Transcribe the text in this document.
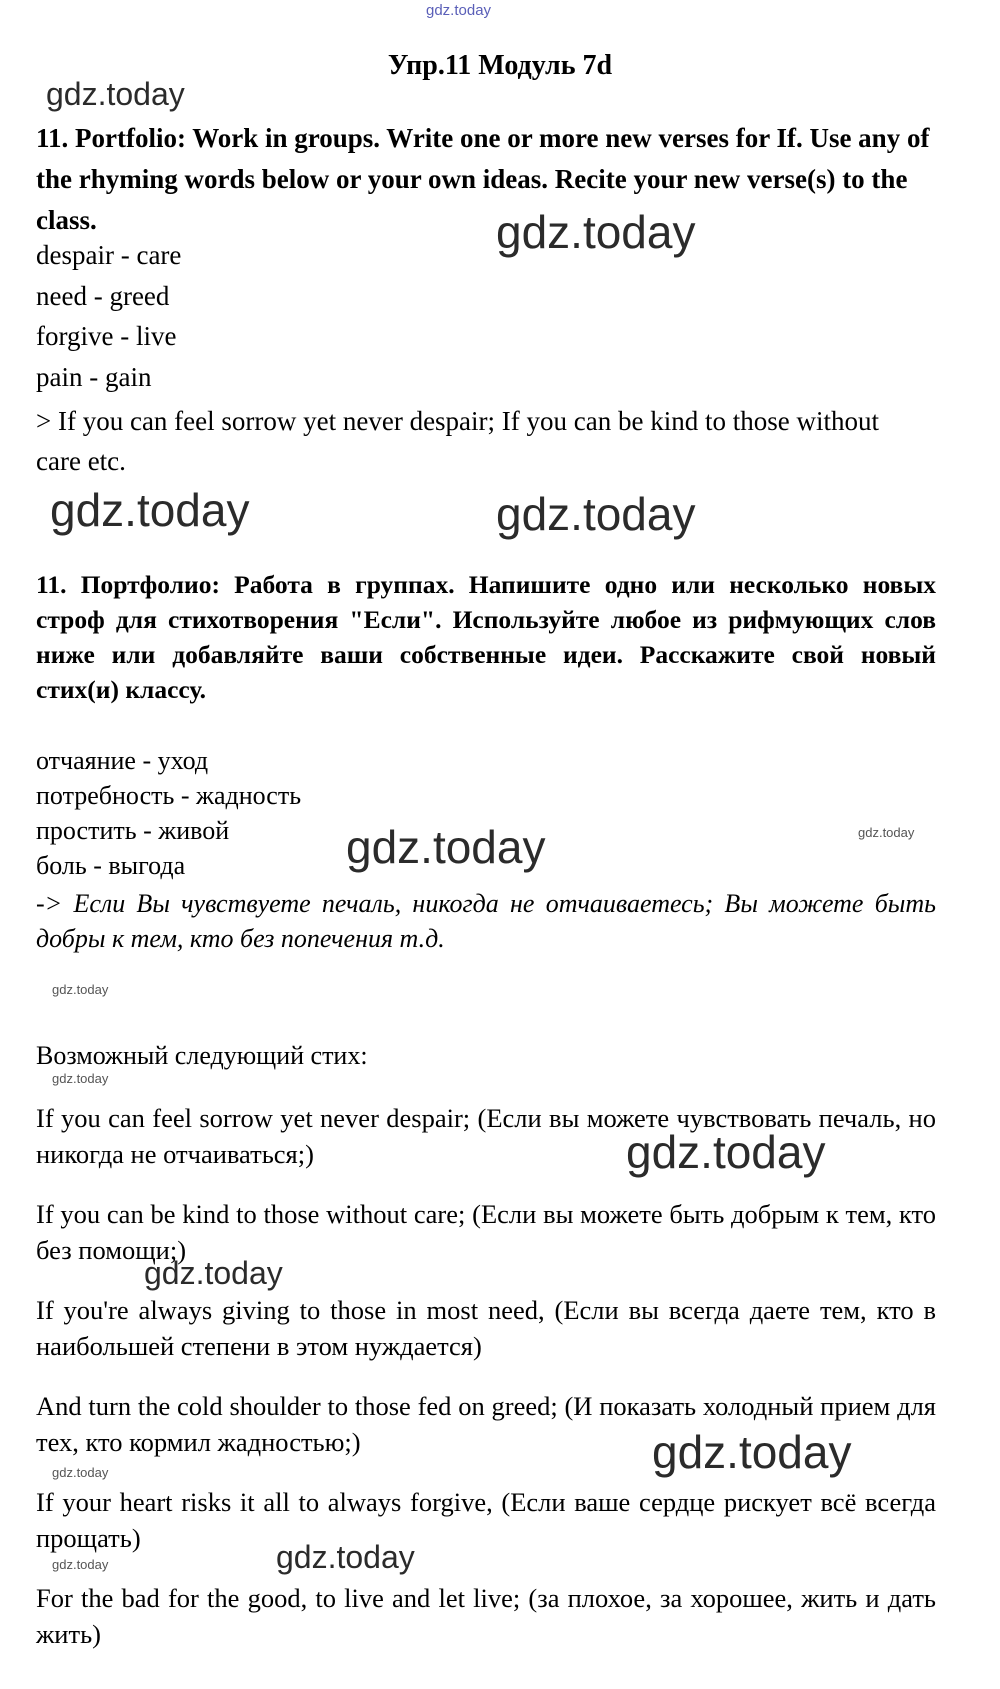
gdz.today
gdz.today
gdz.today
gdz.today	gdz.today
gdz.today
gdz.today
gdz.today
gdz.today
gdz.today
gdz.today
gdz.today
gdz.today
gdz.today
gdz.today
Упр.11 Модуль 7d

11. Portfolio: Work in groups. Write one or more new verses for If. Use any of the rhyming words below or your own ideas. Recite your new verse(s) to the class.

despair - care
need - greed
forgive - live
pain - gain

> If you can feel sorrow yet never despair; If you can be kind to those without care etc.

11. Портфолио: Работа в группах. Напишите одно или несколько новых строф для стихотворения "Если". Используйте любое из рифмующих слов ниже или добавляйте ваши собственные идеи. Расскажите свой новый стих(и) классу.

отчаяние - уход
потребность - жадность
простить - живой
боль - выгода

-> Если Вы чувствуете печаль, никогда не отчаиваетесь; Вы можете быть добры к тем, кто без попечения т.д.

Возможный следующий стих:

If you can feel sorrow yet never despair; (Если вы можете чувствовать печаль, но никогда не отчаиваться;)

If you can be kind to those without care; (Если вы можете быть добрым к тем, кто без помощи;)

If you're always giving to those in most need, (Если вы всегда даете тем, кто в наибольшей степени в этом нуждается)

And turn the cold shoulder to those fed on greed; (И показать холодный прием для тех, кто кормил жадностью;)

If your heart risks it all to always forgive, (Если ваше сердце рискует всё всегда прощать)

For the bad for the good, to live and let live; (за плохое, за хорошее, жить и дать жить)
